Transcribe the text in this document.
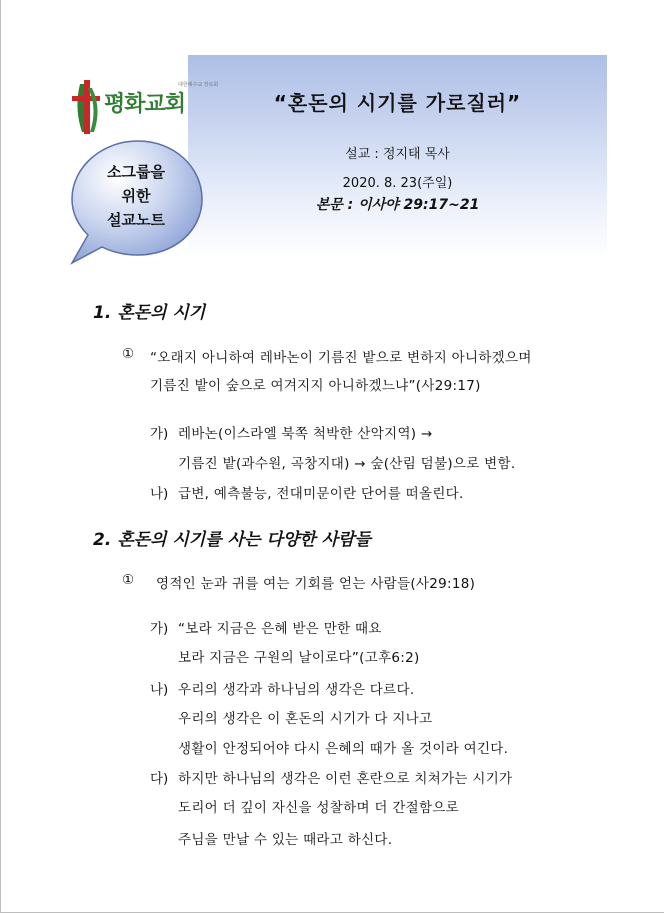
대한예수교 장로회
평화교회
소그룹을
위한
설교노트
“혼돈의 시기를 가로질러”
설교 : 정지태 목사
2020. 8. 23(주일)
본문 : 이사야 29:17~21
1. 혼돈의 시기
① “오래지 아니하여 레바논이 기름진 밭으로 변하지 아니하겠으며
기름진 밭이 숲으로 여겨지지 아니하겠느냐”(사29:17)
가) 레바논(이스라엘 북쪽 척박한 산악지역) →
기름진 밭(과수원, 곡창지대) → 숲(산림 덤불)으로 변함.
나) 급변, 예측불능, 전대미문이란 단어를 떠올린다.
2. 혼돈의 시기를 사는 다양한 사람들
① 영적인 눈과 귀를 여는 기회를 얻는 사람들(사29:18)
가) “보라 지금은 은혜 받은 만한 때요
보라 지금은 구원의 날이로다”(고후6:2)
나) 우리의 생각과 하나님의 생각은 다르다.
우리의 생각은 이 혼돈의 시기가 다 지나고
생활이 안정되어야 다시 은혜의 때가 올 것이라 여긴다.
다) 하지만 하나님의 생각은 이런 혼란으로 치쳐가는 시기가
도리어 더 깊이 자신을 성찰하며 더 간절함으로
주님을 만날 수 있는 때라고 하신다.
